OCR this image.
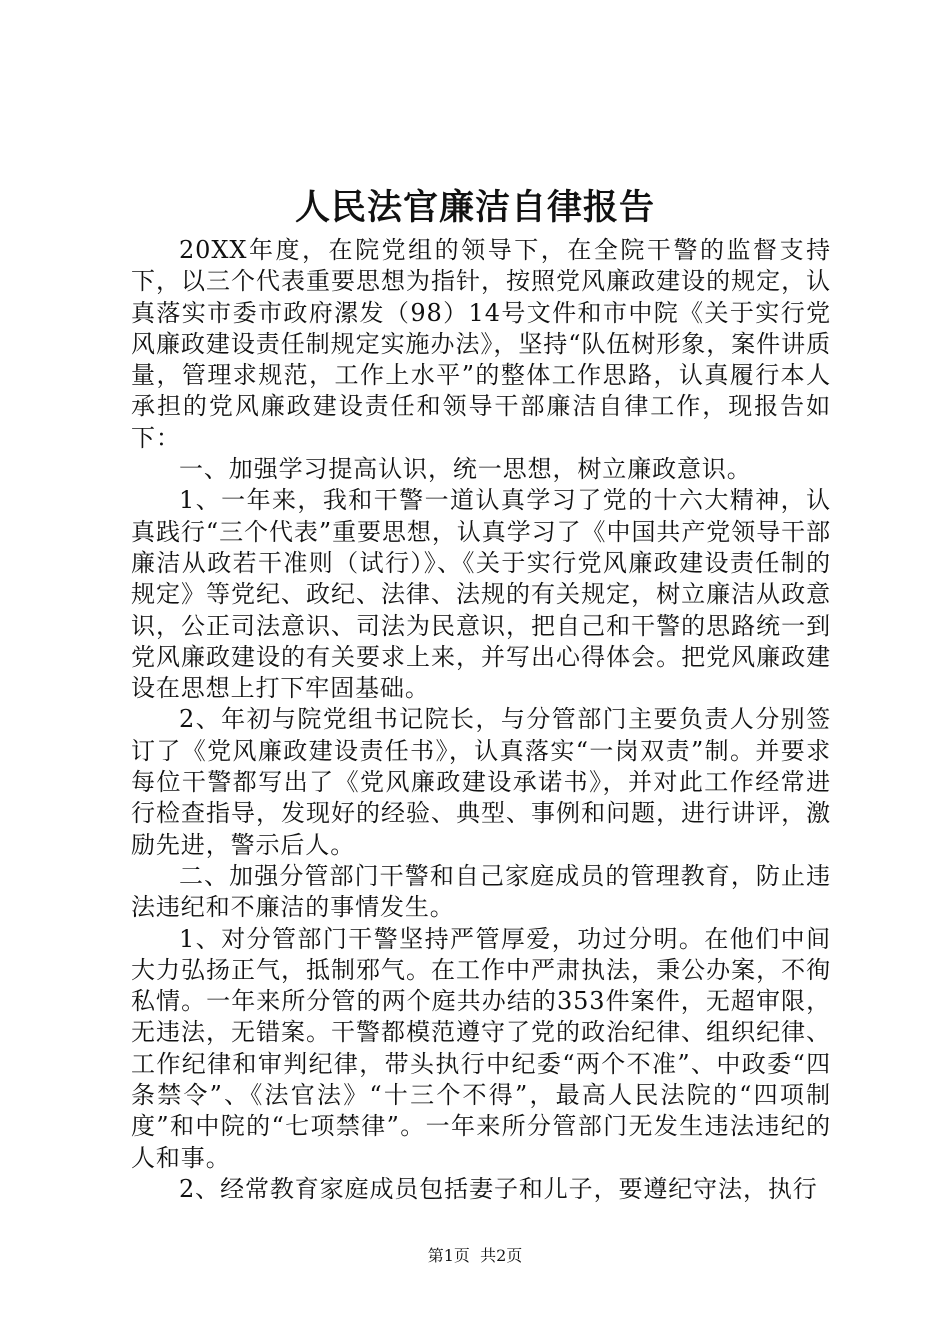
人民法官廉洁自律报告

20XX年度，在院党组的领导下，在全院干警的监督支持下，以三个代表重要思想为指针，按照党风廉政建设的规定，认真落实市委市政府漯发（98）14号文件和市中院《关于实行党风廉政建设责任制规定实施办法》，坚持“队伍树形象，案件讲质量，管理求规范，工作上水平”的整体工作思路，认真履行本人承担的党风廉政建设责任和领导干部廉洁自律工作，现报告如下：

一、加强学习提高认识，统一思想，树立廉政意识。

1、一年来，我和干警一道认真学习了党的十六大精神，认真践行“三个代表”重要思想，认真学习了《中国共产党领导干部廉洁从政若干准则（试行）》、《关于实行党风廉政建设责任制的规定》等党纪、政纪、法律、法规的有关规定，树立廉洁从政意识，公正司法意识、司法为民意识，把自己和干警的思路统一到党风廉政建设的有关要求上来，并写出心得体会。把党风廉政建设在思想上打下牢固基础。

2、年初与院党组书记院长，与分管部门主要负责人分别签订了《党风廉政建设责任书》，认真落实“一岗双责”制。并要求每位干警都写出了《党风廉政建设承诺书》，并对此工作经常进行检查指导，发现好的经验、典型、事例和问题，进行讲评，激励先进，警示后人。

二、加强分管部门干警和自己家庭成员的管理教育，防止违法违纪和不廉洁的事情发生。

1、对分管部门干警坚持严管厚爱，功过分明。在他们中间大力弘扬正气，抵制邪气。在工作中严肃执法，秉公办案，不徇私情。一年来所分管的两个庭共办结的353件案件，无超审限，无违法，无错案。干警都模范遵守了党的政治纪律、组织纪律、工作纪律和审判纪律，带头执行中纪委“两个不准”、中政委“四条禁令”、《法官法》“十三个不得”，最高人民法院的“四项制度”和中院的“七项禁律”。一年来所分管部门无发生违法违纪的人和事。

2、经常教育家庭成员包括妻子和儿子，要遵纪守法，执行

第1页  共2页
